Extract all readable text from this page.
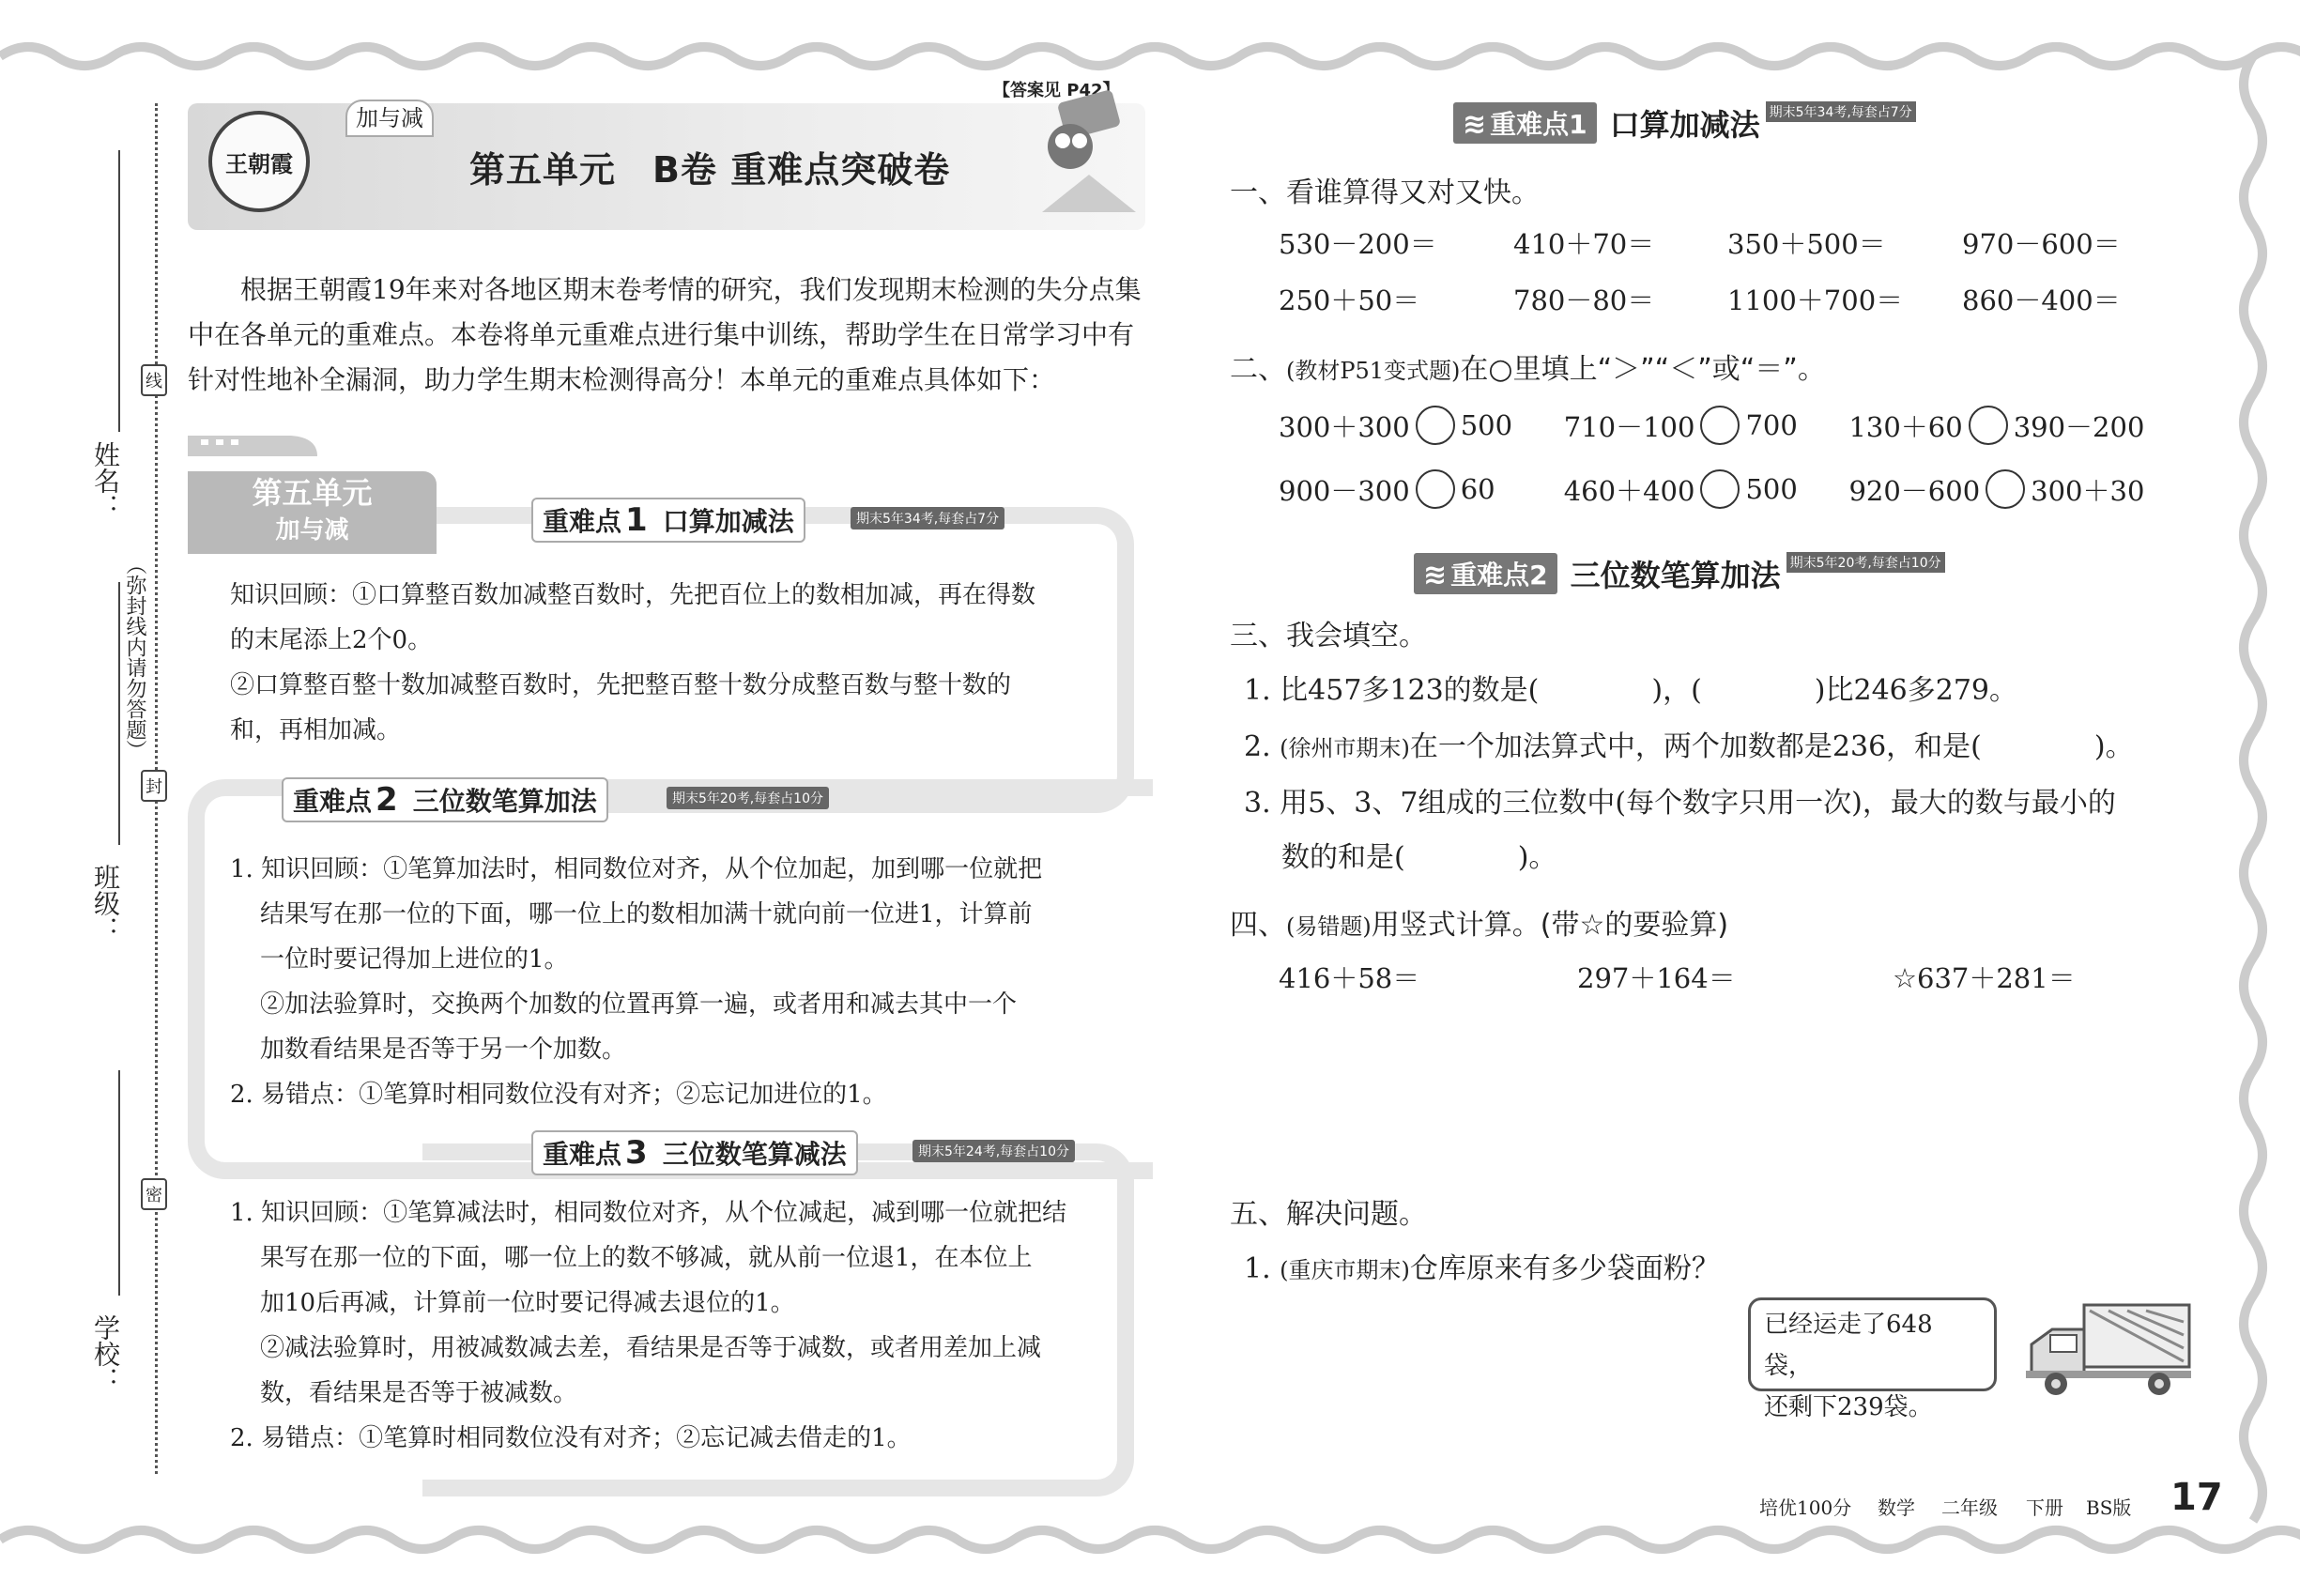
姓名：
班级：
学校：
（弥封线内请勿答题）
线
封
密
【答案见 P42】
加与减
王朝霞	第五单元　B卷 重难点突破卷
根据王朝霞19年来对各地区期末卷考情的研究，我们发现期末检测的失分点集中在各单元的重难点。本卷将单元重难点进行集中训练，帮助学生在日常学习中有针对性地补全漏洞，助力学生期末检测得高分！本单元的重难点具体如下：
第五单元
加与减	重难点 1 口算加减法	期末5年34考,每套占7分
知识回顾：①口算整百数加减整百数时，先把百位上的数相加减，再在得数
的末尾添上2个0。
②口算整百整十数加减整百数时，先把整百整十数分成整百数与整十数的
和，再相加减。
重难点 2 三位数笔算加法	期末5年20考,每套占10分
1. 知识回顾：①笔算加法时，相同数位对齐，从个位加起，加到哪一位就把
结果写在那一位的下面，哪一位上的数相加满十就向前一位进1，计算前
一位时要记得加上进位的1。
②加法验算时，交换两个加数的位置再算一遍，或者用和减去其中一个
加数看结果是否等于另一个加数。
2. 易错点：①笔算时相同数位没有对齐；②忘记加进位的1。
重难点 3 三位数笔算减法	期末5年24考,每套占10分
1. 知识回顾：①笔算减法时，相同数位对齐，从个位减起，减到哪一位就把结
果写在那一位的下面，哪一位上的数不够减，就从前一位退1，在本位上
加10后再减，计算前一位时要记得减去退位的1。
②减法验算时，用被减数减去差，看结果是否等于减数，或者用差加上减
数，看结果是否等于被减数。
2. 易错点：①笔算时相同数位没有对齐；②忘记减去借走的1。
≋ 重难点1 口算加减法 期末5年34考,每套占7分
一、看谁算得又对又快。
530－200＝	410＋70＝	350＋500＝	970－600＝
250＋50＝	780－80＝	1100＋700＝	860－400＝
二、(教材P51变式题)在○里填上“＞”“＜”或“＝”。
300＋300 500	710－100 700	130＋60 390－200
900－300 60	460＋400 500	920－600 300＋30
≋ 重难点2 三位数笔算加法 期末5年20考,每套占10分
三、我会填空。
1. 比457多123的数是(　　　　)，(　　　　)比246多279。
2. (徐州市期末)在一个加法算式中，两个加数都是236，和是(　　　　)。
3. 用5、3、7组成的三位数中(每个数字只用一次)，最大的数与最小的
数的和是(　　　　)。
四、(易错题)用竖式计算。(带☆的要验算)
416＋58＝	297＋164＝	☆637＋281＝
五、解决问题。
1. (重庆市期末)仓库原来有多少袋面粉？
已经运走了648袋，
还剩下239袋。
培优100分 数学 二年级 下册 BS版 17
